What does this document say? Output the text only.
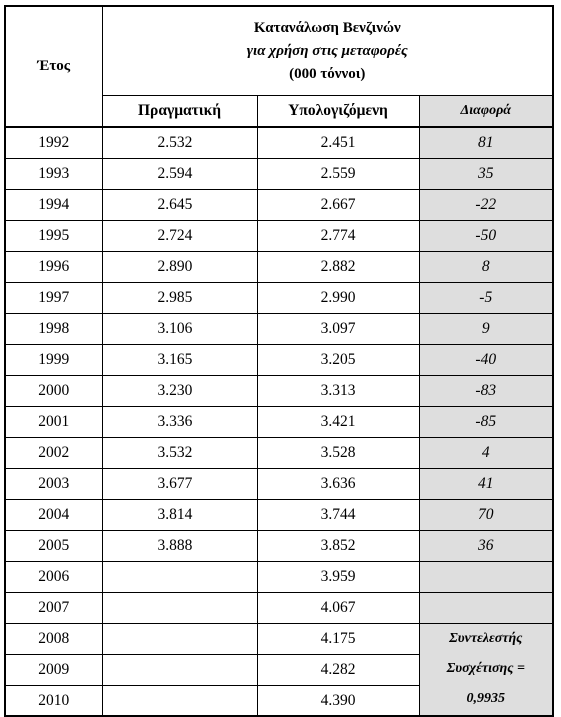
Έτος	Κατανάλωση Βενζινών
για χρήση στις μεταφορές
(000 τόννοι)		

	Πραγματική	Υπολογιζόμενη	Διαφορά
1992	2.532	2.451	81
1993	2.594	2.559	35
1994	2.645	2.667	-22
1995	2.724	2.774	-50
1996	2.890	2.882	8
1997	2.985	2.990	-5
1998	3.106	3.097	9
1999	3.165	3.205	-40
2000	3.230	3.313	-83
2001	3.336	3.421	-85
2002	3.532	3.528	4
2003	3.677	3.636	41
2004	3.814	3.744	70
2005	3.888	3.852	36
2006		3.959	
2007		4.067	
2008		4.175	Συντελεστής
Συσχέτισης =
0,9935

2009		4.282	
2010		4.390	
